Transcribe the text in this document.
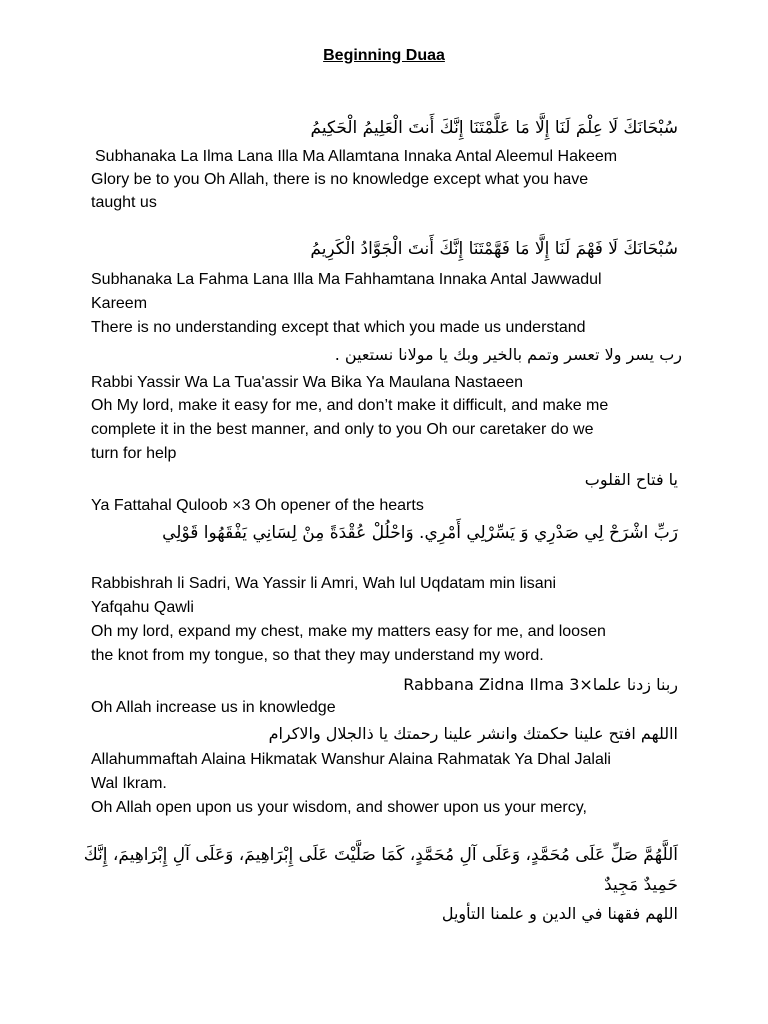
Beginning Duaa
سُبْحَانَكَ لَا عِلْمَ لَنَا إِلَّا مَا عَلَّمْتَنَا إِنَّكَ أَنتَ الْعَلِيمُ الْحَكِيمُ
Subhanaka La Ilma Lana Illa Ma Allamtana Innaka Antal Aleemul Hakeem
Glory be to you Oh Allah, there is no knowledge except what you have
taught us
سُبْحَانَكَ لَا فَهْمَ لَنَا إِلَّا مَا فَهَّمْتَنَا إِنَّكَ أَنتَ الْجَوَّادُ الْكَرِيمُ
Subhanaka La Fahma Lana Illa Ma Fahhamtana Innaka Antal Jawwadul
Kareem
There is no understanding except that which you made us understand
رب يسر ولا تعسر وتمم بالخير وبك يا مولانا نستعين .
Rabbi Yassir Wa La Tua'assir Wa Bika Ya Maulana Nastaeen
Oh My lord, make it easy for me, and don’t make it difficult, and make me
complete it in the best manner, and only to you Oh our caretaker do we
turn for help
يا فتاح القلوب
Ya Fattahal Quloob ×3 Oh opener of the hearts
رَبِّ اشْرَحْ لِي صَدْرِي وَ يَسِّرْلِي أَمْرِي. وَاحْلُلْ عُقْدَةً مِنْ لِسَانِي يَفْقَهُوا قَوْلِي
Rabbishrah li Sadri, Wa Yassir li Amri, Wah lul Uqdatam min lisani
Yafqahu Qawli
Oh my lord, expand my chest, make my matters easy for me, and loosen
the knot from my tongue, so that they may understand my word.
ربنا زدنا علما×3 Rabbana Zidna Ilma
Oh Allah increase us in knowledge
االلهم افتح علينا حكمتك وانشر علينا رحمتك يا ذالجلال والاكرام
Allahummaftah Alaina Hikmatak Wanshur Alaina Rahmatak Ya Dhal Jalali
Wal Ikram.
Oh Allah open upon us your wisdom, and shower upon us your mercy,
اَللَّهُمَّ صَلِّ عَلَى مُحَمَّدٍ، وَعَلَى آلِ مُحَمَّدٍ، كَمَا صَلَّيْتَ عَلَى إِبْرَاهِيمَ، وَعَلَى آلِ إِبْرَاهِيمَ، إِنَّكَ
حَمِيدٌ مَجِيدٌ
اللهم فقهنا في الدين و علمنا التأويل
